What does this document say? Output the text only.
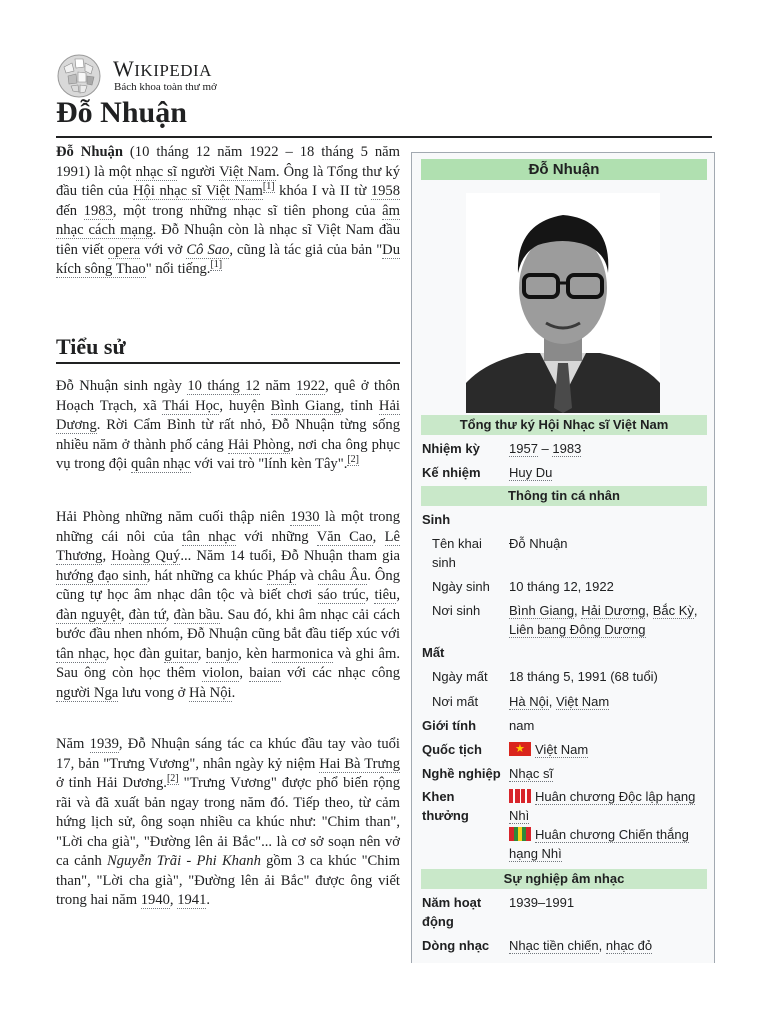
WIKIPEDIA
Bách khoa toàn thư mở
Đỗ Nhuận

Đỗ Nhuận (10 tháng 12 năm 1922 – 18 tháng 5 năm 1991) là một nhạc sĩ người Việt Nam. Ông là Tổng thư ký đầu tiên của Hội nhạc sĩ Việt Nam[1] khóa I và II từ 1958 đến 1983, một trong những nhạc sĩ tiên phong của âm nhạc cách mạng. Đỗ Nhuận còn là nhạc sĩ Việt Nam đầu tiên viết opera với vở Cô Sao, cũng là tác giả của bản "Du kích sông Thao" nổi tiếng.[1]

Tiểu sử

Đỗ Nhuận sinh ngày 10 tháng 12 năm 1922, quê ở thôn Hoạch Trạch, xã Thái Học, huyện Bình Giang, tỉnh Hải Dương. Rời Cẩm Bình từ rất nhỏ, Đỗ Nhuận từng sống nhiều năm ở thành phố cảng Hải Phòng, nơi cha ông phục vụ trong đội quân nhạc với vai trò "lính kèn Tây".[2]

Hải Phòng những năm cuối thập niên 1930 là một trong những cái nôi của tân nhạc với những Văn Cao, Lê Thương, Hoàng Quý... Năm 14 tuổi, Đỗ Nhuận tham gia hướng đạo sinh, hát những ca khúc Pháp và châu Âu. Ông cũng tự học âm nhạc dân tộc và biết chơi sáo trúc, tiêu, đàn nguyệt, đàn tứ, đàn bầu. Sau đó, khi âm nhạc cải cách bước đầu nhen nhóm, Đỗ Nhuận cũng bắt đầu tiếp xúc với tân nhạc, học đàn guitar, banjo, kèn harmonica và ghi âm. Sau ông còn học thêm violon, baian với các nhạc công người Nga lưu vong ở Hà Nội.

Năm 1939, Đỗ Nhuận sáng tác ca khúc đầu tay vào tuổi 17, bản "Trưng Vương", nhân ngày kỷ niệm Hai Bà Trưng ở tỉnh Hải Dương.[2] "Trưng Vương" được phổ biến rộng rãi và đã xuất bản ngay trong năm đó. Tiếp theo, từ cảm hứng lịch sử, ông soạn nhiều ca khúc như: "Chim than", "Lời cha già", "Đường lên ải Bắc"... là cơ sở soạn nên vở ca cảnh Nguyễn Trãi - Phi Khanh gồm 3 ca khúc "Chim than", "Lời cha già", "Đường lên ải Bắc" được ông viết trong hai năm 1940, 1941.

Đỗ Nhuận
Tổng thư ký Hội Nhạc sĩ Việt Nam
Nhiệm kỳ 1957 – 1983
Kế nhiệm Huy Du
Thông tin cá nhân
Sinh
Tên khai sinh
Đỗ Nhuận
Ngày sinh 10 tháng 12, 1922
Nơi sinh Bình Giang, Hải Dương, Bắc Kỳ, Liên bang Đông Dương
Mất
Ngày mất 18 tháng 5, 1991 (68 tuổi)
Nơi mất Hà Nội, Việt Nam
Giới tính	nam
Quốc tịch	★ Việt Nam
Nghề nghiệp Nhạc sĩ
Khen thưởng
Huân chương Độc lập hạng Nhì
Huân chương Chiến thắng hạng Nhì
Sự nghiệp âm nhạc
Năm hoạt động
1939–1991
Dòng nhạc Nhạc tiền chiến, nhạc đỏ
